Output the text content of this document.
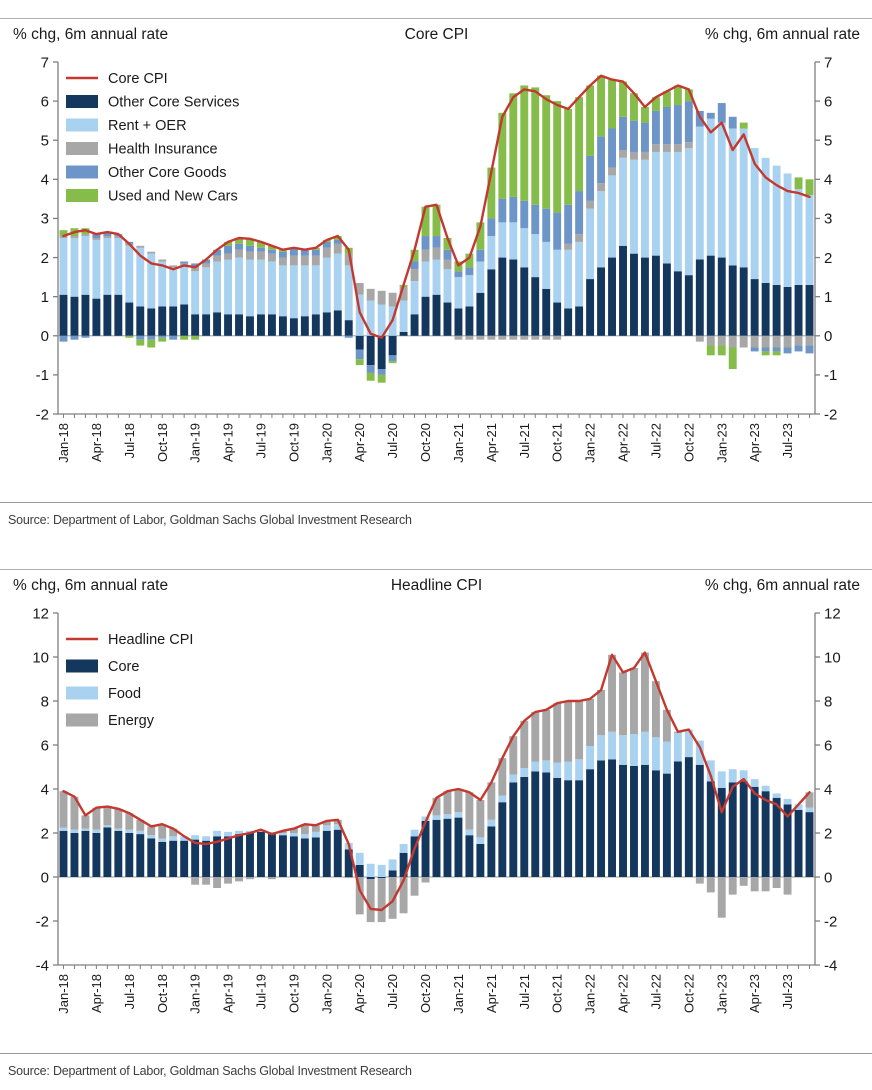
% chg, 6m annual rate	Core CPI	% chg, 6m annual rate
-2
-1
0
1
2
3
4
5
6
7
-2
-1
0
1
2
3
4
5
6
7
Jan-18 Apr-18 Jul-18 Oct-18 Jan-19 Apr-19 Jul-19 Oct-19 Jan-20 Apr-20 Jul-20 Oct-20 Jan-21 Apr-21 Jul-21 Oct-21 Jan-22 Apr-22 Jul-22 Oct-22 Jan-23 Apr-23 Jul-23
Core CPI
Other Core Services
Rent + OER
Health Insurance
Other Core Goods
Used and New Cars
Source: Department of Labor, Goldman Sachs Global Investment Research
% chg, 6m annual rate	Headline CPI	% chg, 6m annual rate
-4
-2
0
2
4
6
8
10
12
-4
-2
0
2
4
6
8
10
12
Jan-18 Apr-18 Jul-18 Oct-18 Jan-19 Apr-19 Jul-19 Oct-19 Jan-20 Apr-20 Jul-20 Oct-20 Jan-21 Apr-21 Jul-21 Oct-21 Jan-22 Apr-22 Jul-22 Oct-22 Jan-23 Apr-23 Jul-23
Headline CPI
Core
Food
Energy
Source: Department of Labor, Goldman Sachs Global Investment Research
